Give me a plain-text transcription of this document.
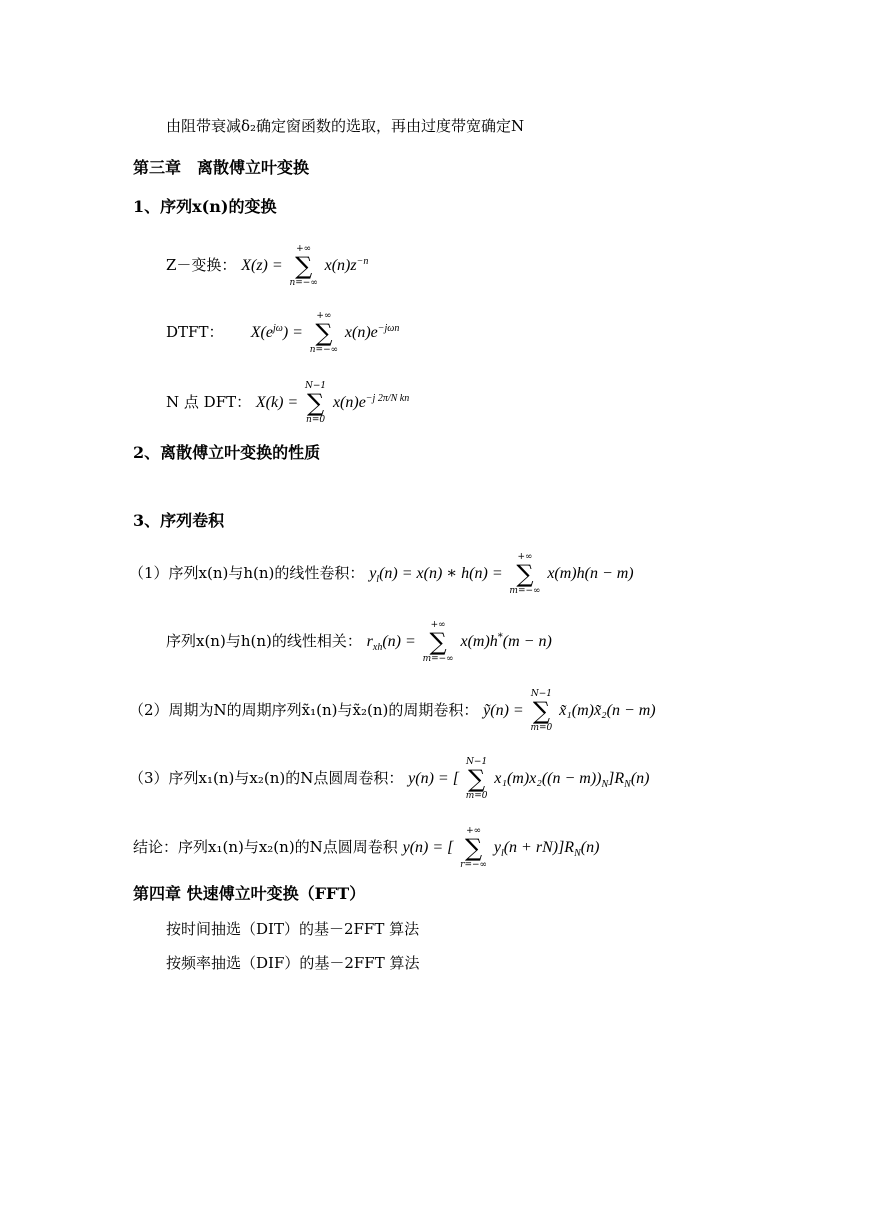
由阻带衰减δ₂确定窗函数的选取，再由过度带宽确定N
第三章　离散傅立叶变换
1、序列x(n)的变换
Z－变换： X(z) =
+∞
∑
n=−∞
$x(n)z^{-n}$
DTFT： $X(e^{j\omega})$ =
+∞
∑
n=−∞
$x(n)e^{-j\omega n}$
N 点 DFT： X(k) =
N−1
∑
n=0
$x(n)e^{-j 2\pi/N kn}$
2、离散傅立叶变换的性质
3、序列卷积
（1）序列x(n)与h(n)的线性卷积： $y_l(n) = x(n)$ ∗ h(n) =
+∞
∑
m=−∞
x(m)h(n − m)
序列x(n)与h(n)的线性相关： $r_{xh}(n)$ =
+∞
∑
m=−∞
x(m)h*(m − n)
（2）周期为N的周期序列x̃₁(n)与x̃₂(n)的周期卷积： ỹ(n) =
N−1
∑
m=0
x̃₁(m)x̃₂(n − m)
（3）序列x₁(n)与x₂(n)的N点圆周卷积： y(n) = [
N−1
∑
m=0
$x_1(m)x_2((n - m))_N]R_N(n)$
结论：序列x₁(n)与x₂(n)的N点圆周卷积 y(n) = [
+∞
∑
r=−∞
$y_l(n + rN)]R_N(n)$
第四章 快速傅立叶变换（FFT）
按时间抽选（DIT）的基－2FFT 算法
按频率抽选（DIF）的基－2FFT 算法
